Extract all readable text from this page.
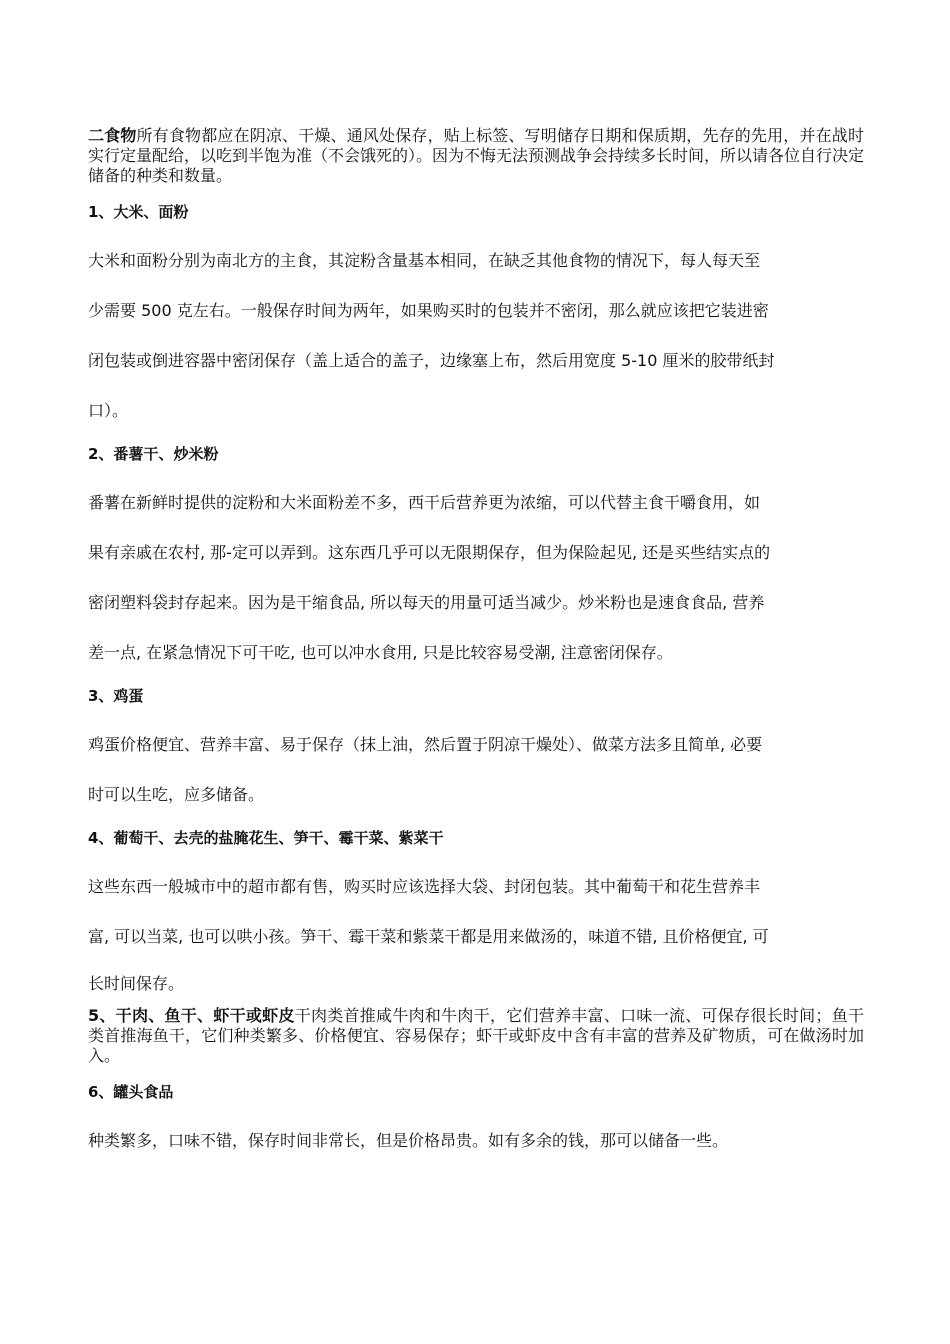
二食物所有食物都应在阴凉、干燥、通风处保存，贴上标签、写明储存日期和保质期，先存的先用，并在战时实行定量配给，以吃到半饱为准（不会饿死的）。因为不悔无法预测战争会持续多长时间，所以请各位自行决定储备的种类和数量。

1、大米、面粉

大米和面粉分别为南北方的主食，其淀粉含量基本相同，在缺乏其他食物的情况下，每人每天至

少需要 500 克左右。一般保存时间为两年，如果购买时的包装并不密闭，那么就应该把它装进密

闭包装或倒进容器中密闭保存（盖上适合的盖子，边缘塞上布，然后用宽度 5-10 厘米的胶带纸封

口）。

2、番薯干、炒米粉

番薯在新鲜时提供的淀粉和大米面粉差不多，西干后营养更为浓缩，可以代替主食干嚼食用，如

果有亲戚在农村, 那-定可以弄到。这东西几乎可以无限期保存，但为保险起见, 还是买些结实点的

密闭塑料袋封存起来。因为是干缩食品, 所以每天的用量可适当减少。炒米粉也是速食食品, 营养

差一点, 在紧急情况下可干吃, 也可以冲水食用, 只是比较容易受潮, 注意密闭保存。

3、鸡蛋

鸡蛋价格便宜、营养丰富、易于保存（抹上油，然后置于阴凉干燥处）、做菜方法多且简单, 必要

时可以生吃，应多储备。

4、葡萄干、去壳的盐腌花生、笋干、霉干菜、紫菜干

这些东西一般城市中的超市都有售，购买时应该选择大袋、封闭包装。其中葡萄干和花生营养丰

富, 可以当菜, 也可以哄小孩。笋干、霉干菜和紫菜干都是用来做汤的，味道不错, 且价格便宜, 可

长时间保存。

5、干肉、鱼干、虾干或虾皮干肉类首推咸牛肉和牛肉干，它们营养丰富、口味一流、可保存很长时间；鱼干类首推海鱼干，它们种类繁多、价格便宜、容易保存；虾干或虾皮中含有丰富的营养及矿物质，可在做汤时加入。

6、罐头食品

种类繁多，口味不错，保存时间非常长，但是价格昂贵。如有多余的钱，那可以储备一些。
